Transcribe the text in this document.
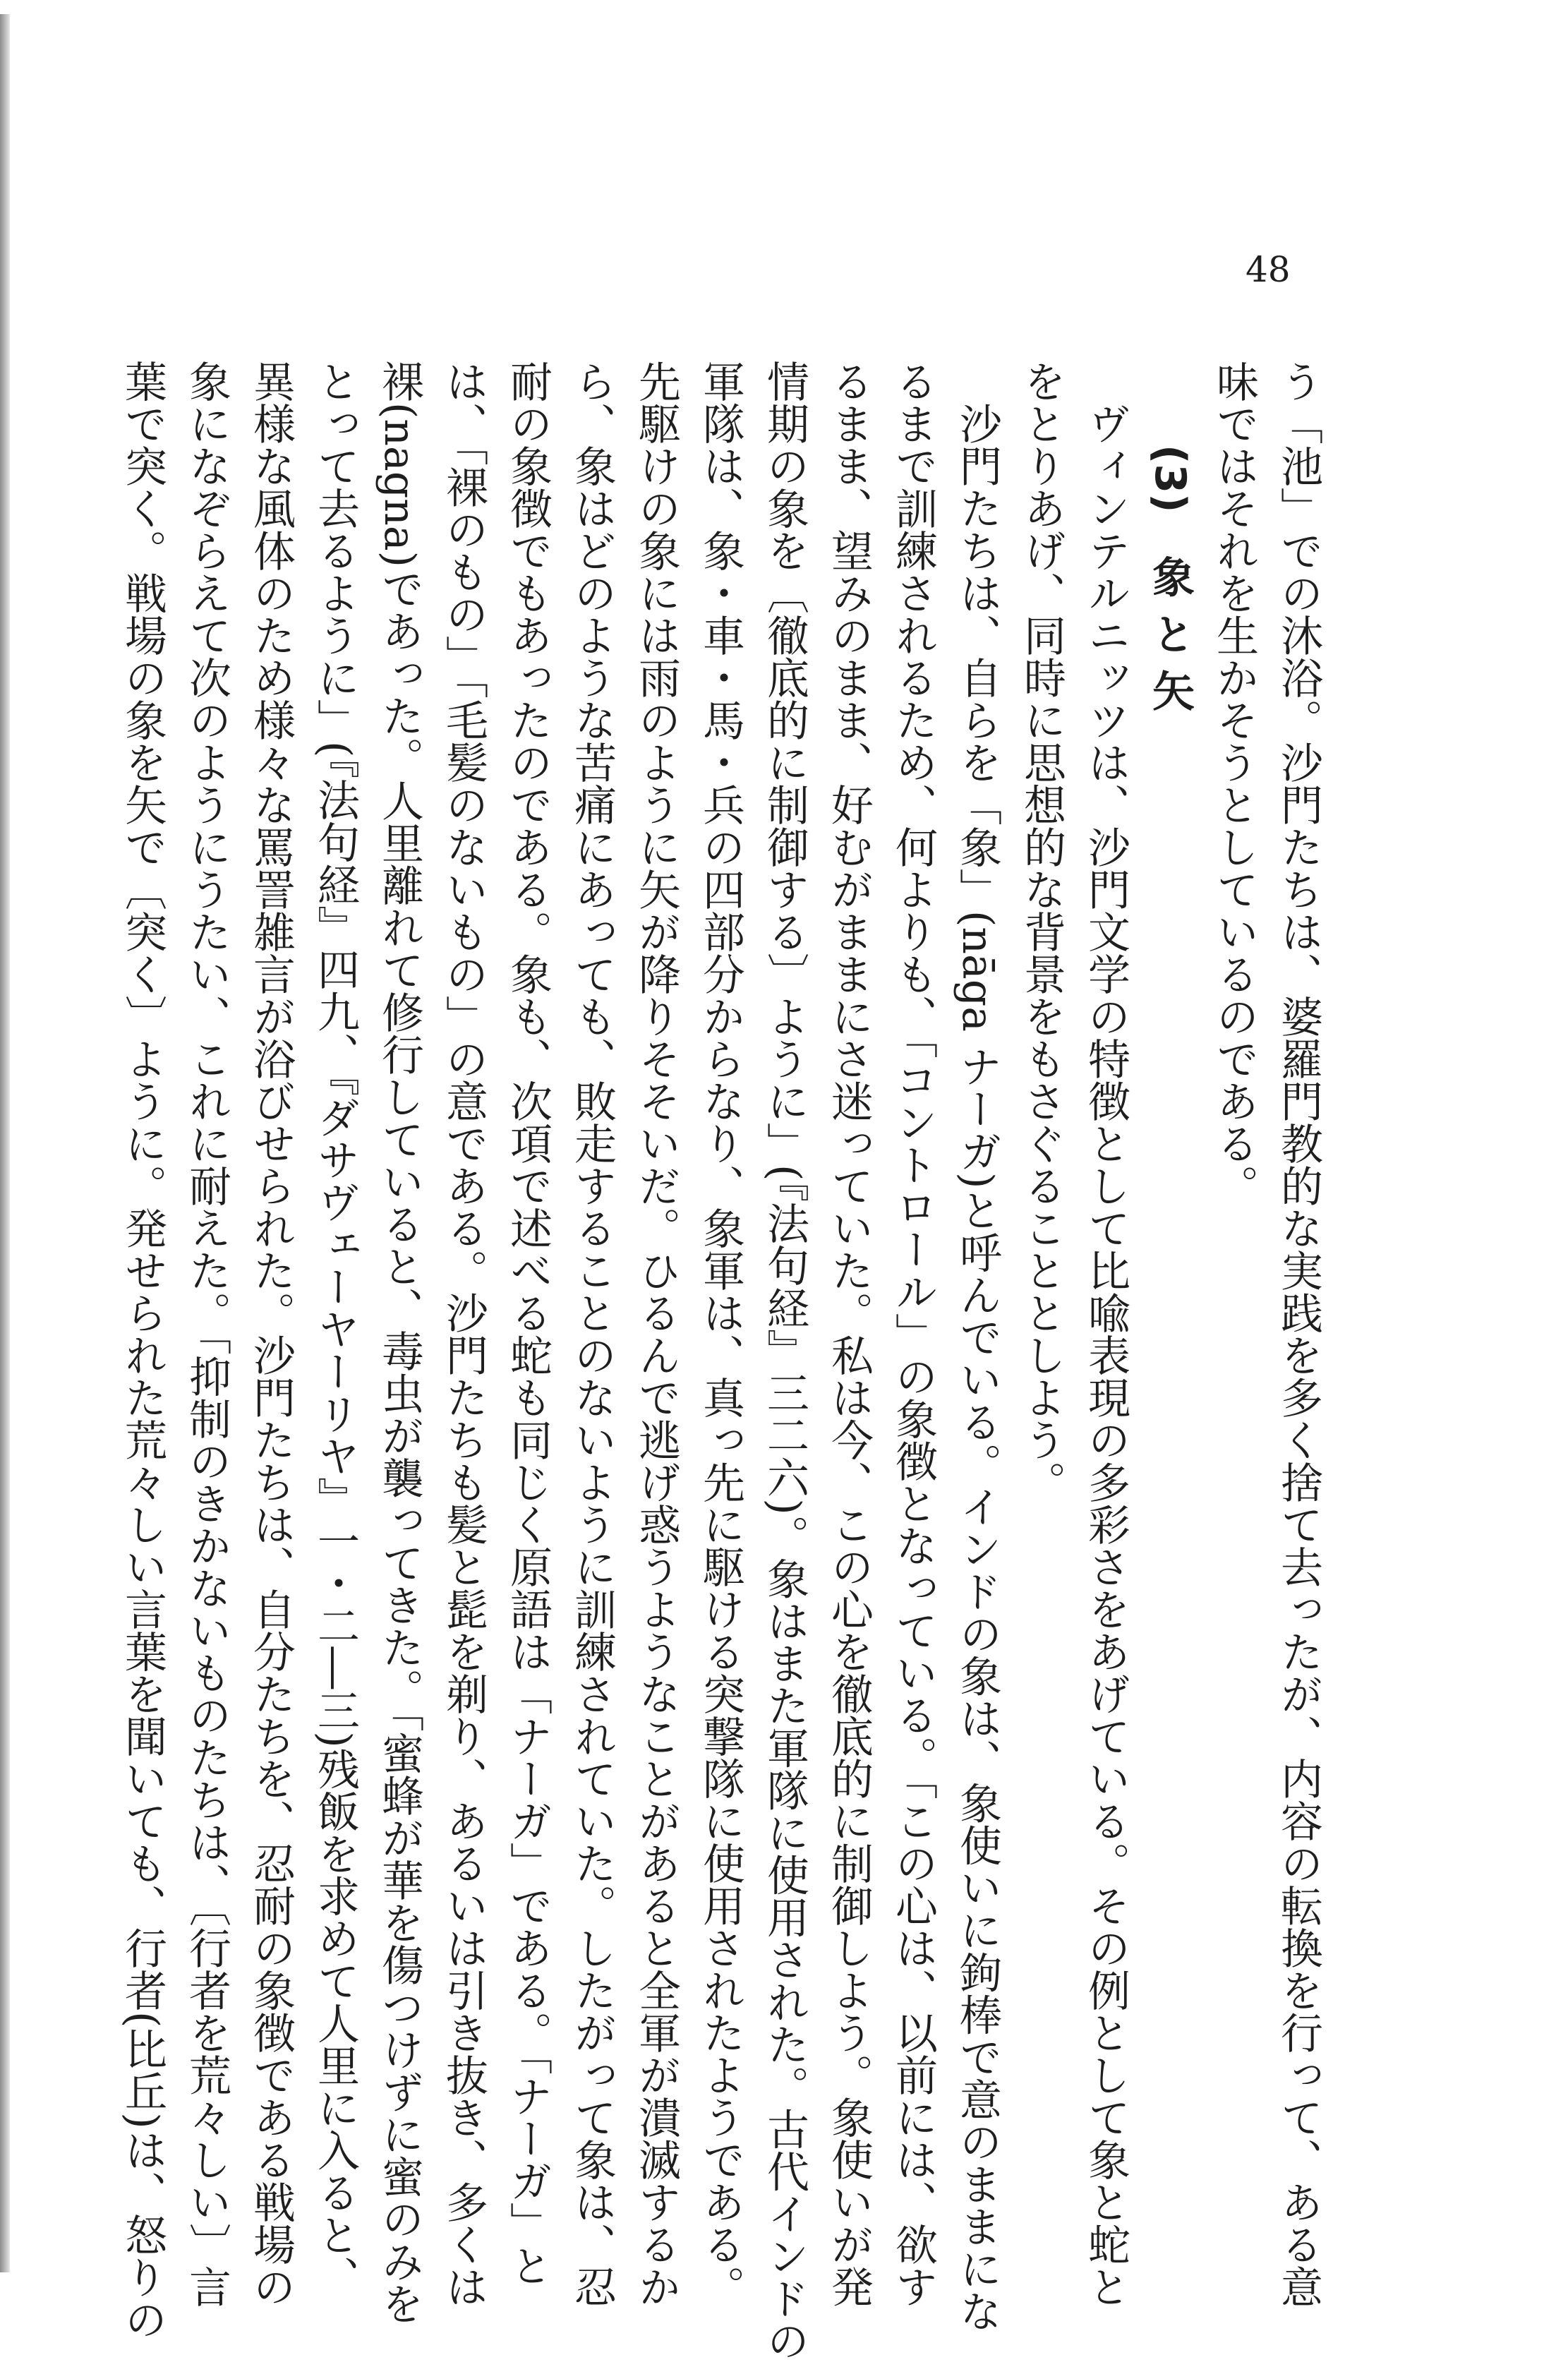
48

う「池」での沐浴。沙門たちは、婆羅門教的な実践を多く捨て去ったが、内容の転換を行って、ある意

味ではそれを生かそうとしているのである。

(3)　象 と 矢

ヴィンテルニッツは、沙門文学の特徴として比喩表現の多彩さをあげている。その例として象と蛇と

をとりあげ、同時に思想的な背景をもさぐることとしよう。

沙門たちは、自らを「象」(nāga ナーガ)と呼んでいる。インドの象は、象使いに鉤棒で意のままにな

るまで訓練されるため、何よりも、「コントロール」の象徴となっている。「この心は、以前には、欲す

るまま、望みのまま、好むがままにさ迷っていた。私は今、この心を徹底的に制御しよう。象使いが発

情期の象を〔徹底的に制御する〕ように」(『法句経』三二六)。象はまた軍隊に使用された。古代インドの

軍隊は、象・車・馬・兵の四部分からなり、象軍は、真っ先に駆ける突撃隊に使用されたようである。

先駆けの象には雨のように矢が降りそそいだ。ひるんで逃げ惑うようなことがあると全軍が潰滅するか

ら、象はどのような苦痛にあっても、敗走することのないように訓練されていた。したがって象は、忍

耐の象徴でもあったのである。象も、次項で述べる蛇も同じく原語は「ナーガ」である。「ナーガ」と

は、「裸のもの」「毛髪のないもの」の意である。沙門たちも髪と髭を剃り、あるいは引き抜き、多くは

裸(nagna)であった。人里離れて修行していると、毒虫が襲ってきた。「蜜蜂が華を傷つけずに蜜のみを

とって去るように」(『法句経』四九、『ダサヴェーヤーリヤ』一・二―三)残飯を求めて人里に入ると、

異様な風体のため様々な罵詈雑言が浴びせられた。沙門たちは、自分たちを、忍耐の象徴である戦場の

象になぞらえて次のようにうたい、これに耐えた。「抑制のきかないものたちは、〔行者を荒々しい〕言

葉で突く。戦場の象を矢で〔突く〕ように。発せられた荒々しい言葉を聞いても、行者(比丘)は、怒りの
